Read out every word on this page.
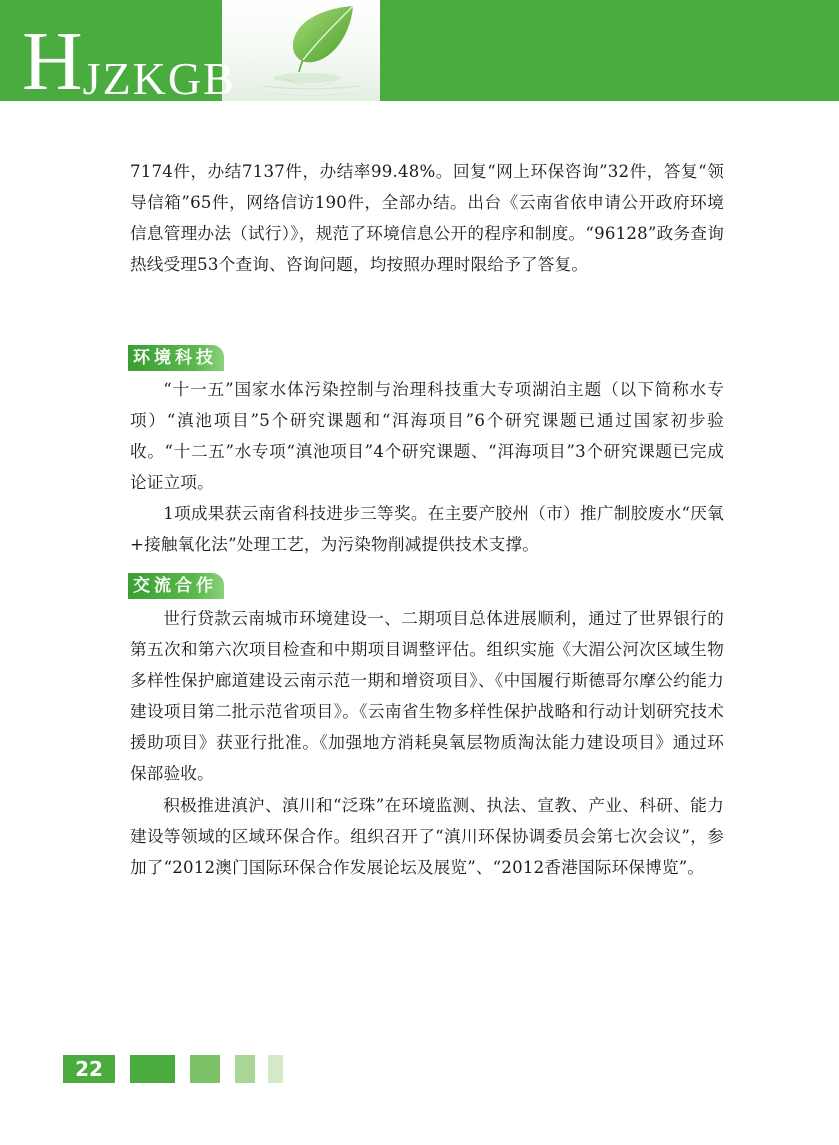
HJZKGB

7174件，办结7137件，办结率99.48%。回复“网上环保咨询”32件，答复“领导信箱”65件，网络信访190件，全部办结。出台《云南省依申请公开政府环境信息管理办法（试行）》，规范了环境信息公开的程序和制度。“96128”政务查询热线受理53个查询、咨询问题，均按照办理时限给予了答复。

环境科技

“十一五”国家水体污染控制与治理科技重大专项湖泊主题（以下简称水专项）“滇池项目”5个研究课题和“洱海项目”6个研究课题已通过国家初步验收。“十二五”水专项“滇池项目”4个研究课题、“洱海项目”3个研究课题已完成论证立项。

1项成果获云南省科技进步三等奖。在主要产胶州（市）推广制胶废水“厌氧+接触氧化法”处理工艺，为污染物削减提供技术支撑。

交流合作

世行贷款云南城市环境建设一、二期项目总体进展顺利，通过了世界银行的第五次和第六次项目检查和中期项目调整评估。组织实施《大湄公河次区域生物多样性保护廊道建设云南示范一期和增资项目》、《中国履行斯德哥尔摩公约能力建设项目第二批示范省项目》。《云南省生物多样性保护战略和行动计划研究技术援助项目》获亚行批准。《加强地方消耗臭氧层物质淘汰能力建设项目》通过环保部验收。

积极推进滇沪、滇川和“泛珠”在环境监测、执法、宣教、产业、科研、能力建设等领域的区域环保合作。组织召开了“滇川环保协调委员会第七次会议”，参加了“2012澳门国际环保合作发展论坛及展览”、“2012香港国际环保博览”。

22
